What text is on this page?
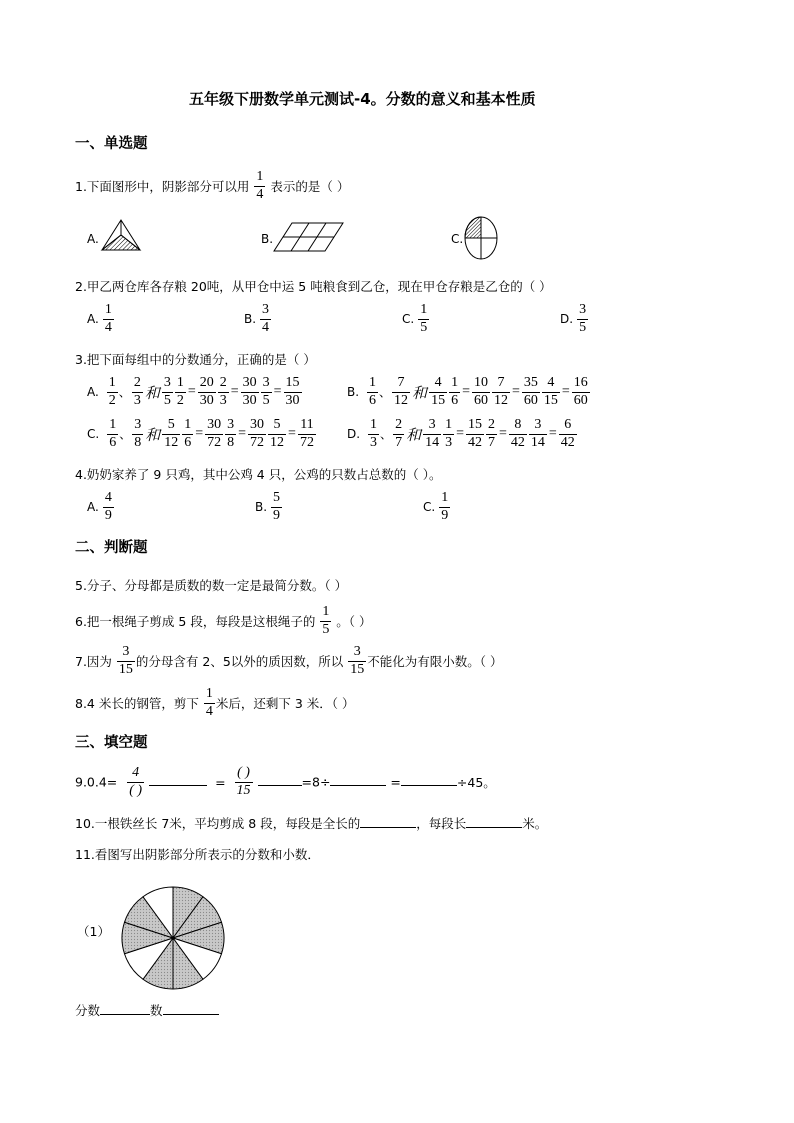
五年级下册数学单元测试-4。分数的意义和基本性质
一、单选题
1.下面图形中，阴影部分可以用 $\frac{1}{4}$ 表示的是（ ）
A.	B.	C.
2.甲乙两仓库各存粮 20吨，从甲仓中运 5 吨粮食到乙仓，现在甲仓存粮是乙仓的（ ）
A. $\frac{1}{4}$	B. $\frac{3}{4}$	C. $\frac{1}{5}$	D. $\frac{3}{5}$
3.把下面每组中的分数通分，正确的是（ ）
A. $\frac{1}{2}$ 、 $\frac{2}{3}$ 和 $\frac{3}{5} \frac{1}{2} = \frac{20}{30} \frac{2}{3} = \frac{30}{30} \frac{3}{5} = \frac{15}{30}$	B. $\frac{1}{6}$ 、 $\frac{7}{12}$ 和 $\frac{4}{15} \frac{1}{6} = \frac{10}{60} \frac{7}{12} = \frac{35}{60} \frac{4}{15} = \frac{16}{60}$
C. $\frac{1}{6}$ 、 $\frac{3}{8}$ 和 $\frac{5}{12} \frac{1}{6} = \frac{30}{72} \frac{3}{8} = \frac{30}{72} \frac{5}{12} = \frac{11}{72}$	D. $\frac{1}{3}$ 、 $\frac{2}{7}$ 和 $\frac{3}{14} \frac{1}{3} = \frac{15}{42} \frac{2}{7} = \frac{8}{42} \frac{3}{14} = \frac{6}{42}$
4.奶奶家养了 9 只鸡，其中公鸡 4 只，公鸡的只数占总数的（ ）。
A. $\frac{4}{9}$	B. $\frac{5}{9}$	C. $\frac{1}{9}$
二、判断题
5.分子、分母都是质数的数一定是最简分数。（ ）
6.把一根绳子剪成 5 段，每段是这根绳子的 $\frac{1}{5}$ 。（ ）
7.因为 $\frac{3}{15}$ 的分母含有 2、5以外的质因数，所以 $\frac{3}{15}$ 不能化为有限小数。（ ）
8.4 米长的钢管，剪下 $\frac{1}{4}$ 米后，还剩下 3 米．（ ）
三、填空题
$9.0.4= \frac{4}{( )}$	= $\frac{( )}{15}$	=8÷	=	÷45。
10.一根铁丝长 7米，平均剪成 8 段，每段是全长的	，每段长	米。
11.看图写出阴影部分所表示的分数和小数．
（1）
分数	数
